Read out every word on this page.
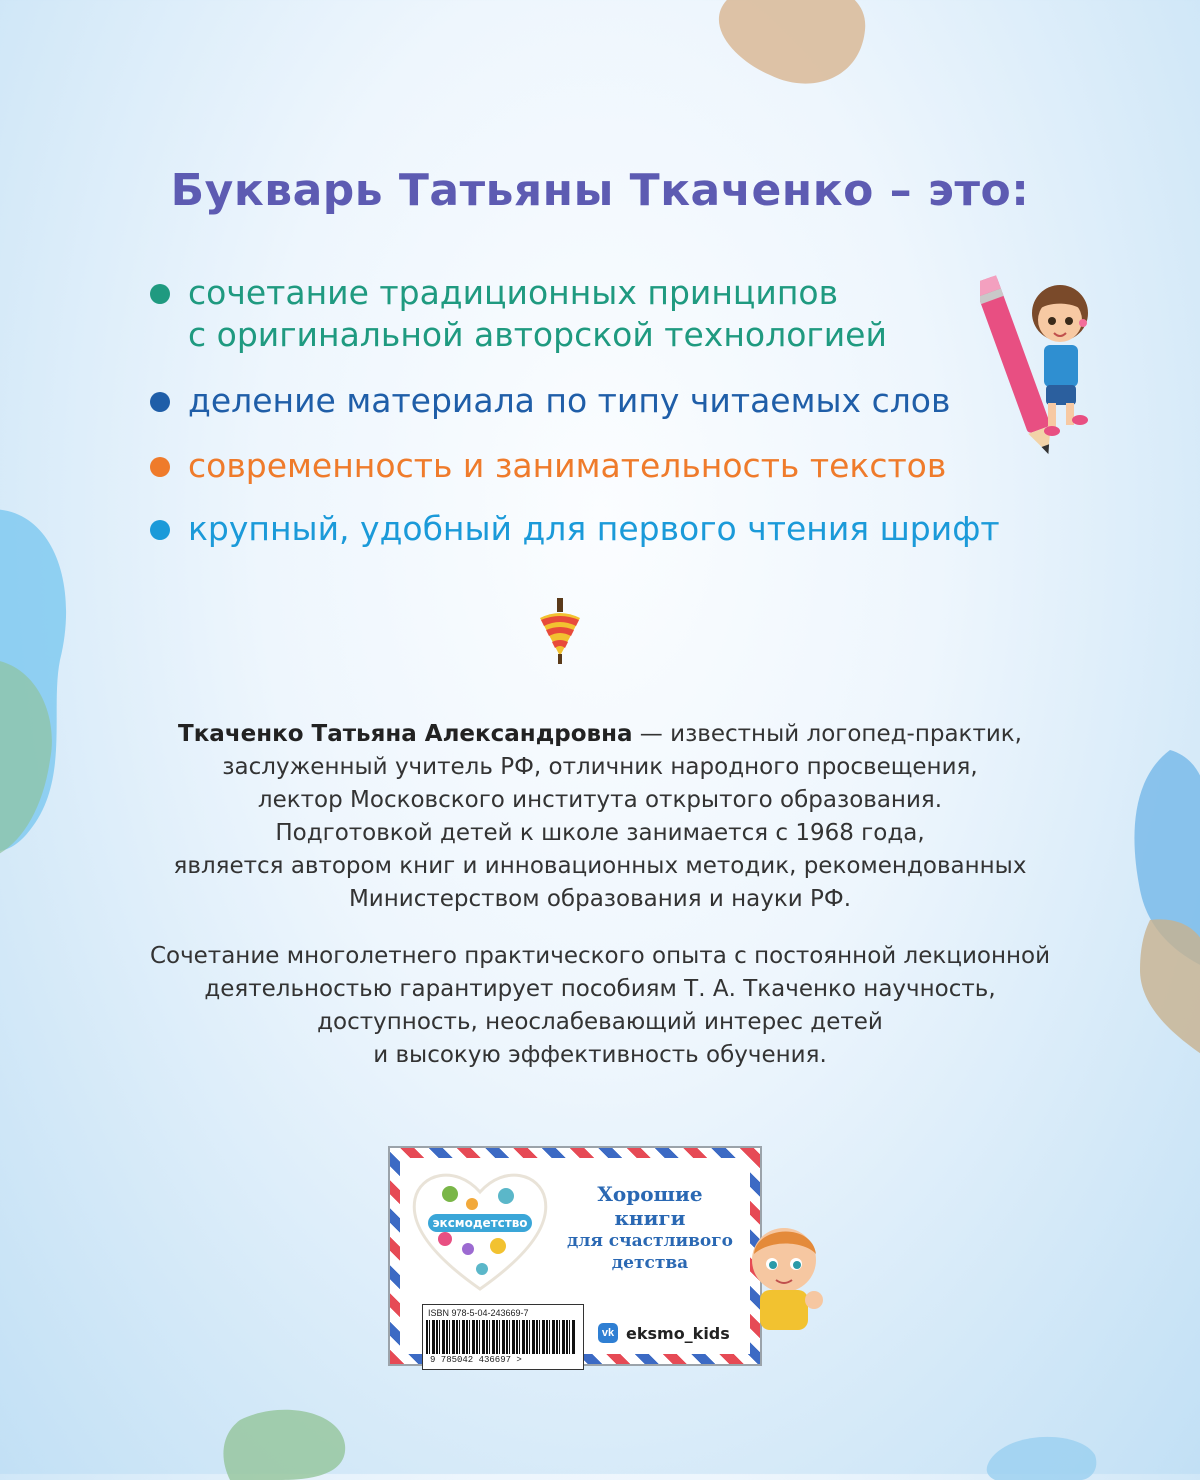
Букварь Татьяны Ткаченко – это:
сочетание традиционных принципов
с оригинальной авторской технологией
деление материала по типу читаемых слов
современность и занимательность текстов
крупный, удобный для первого чтения шрифт

Ткаченко Татьяна Александровна — известный логопед-практик,
заслуженный учитель РФ, отличник народного просвещения,
лектор Московского института открытого образования.
Подготовкой детей к школе занимается с 1968 года,
является автором книг и инновационных методик, рекомендованных
Министерством образования и науки РФ.

Сочетание многолетнего практического опыта с постоянной лекционной
деятельностью гарантирует пособиям Т. А. Ткаченко научность,
доступность, неослабевающий интерес детей
и высокую эффективность обучения.

эксмодетство
Хорошие
книги
для счастливого
детства
ISBN 978-5-04-243669-7
9 785042 436697 >
vk eksmo_kids
